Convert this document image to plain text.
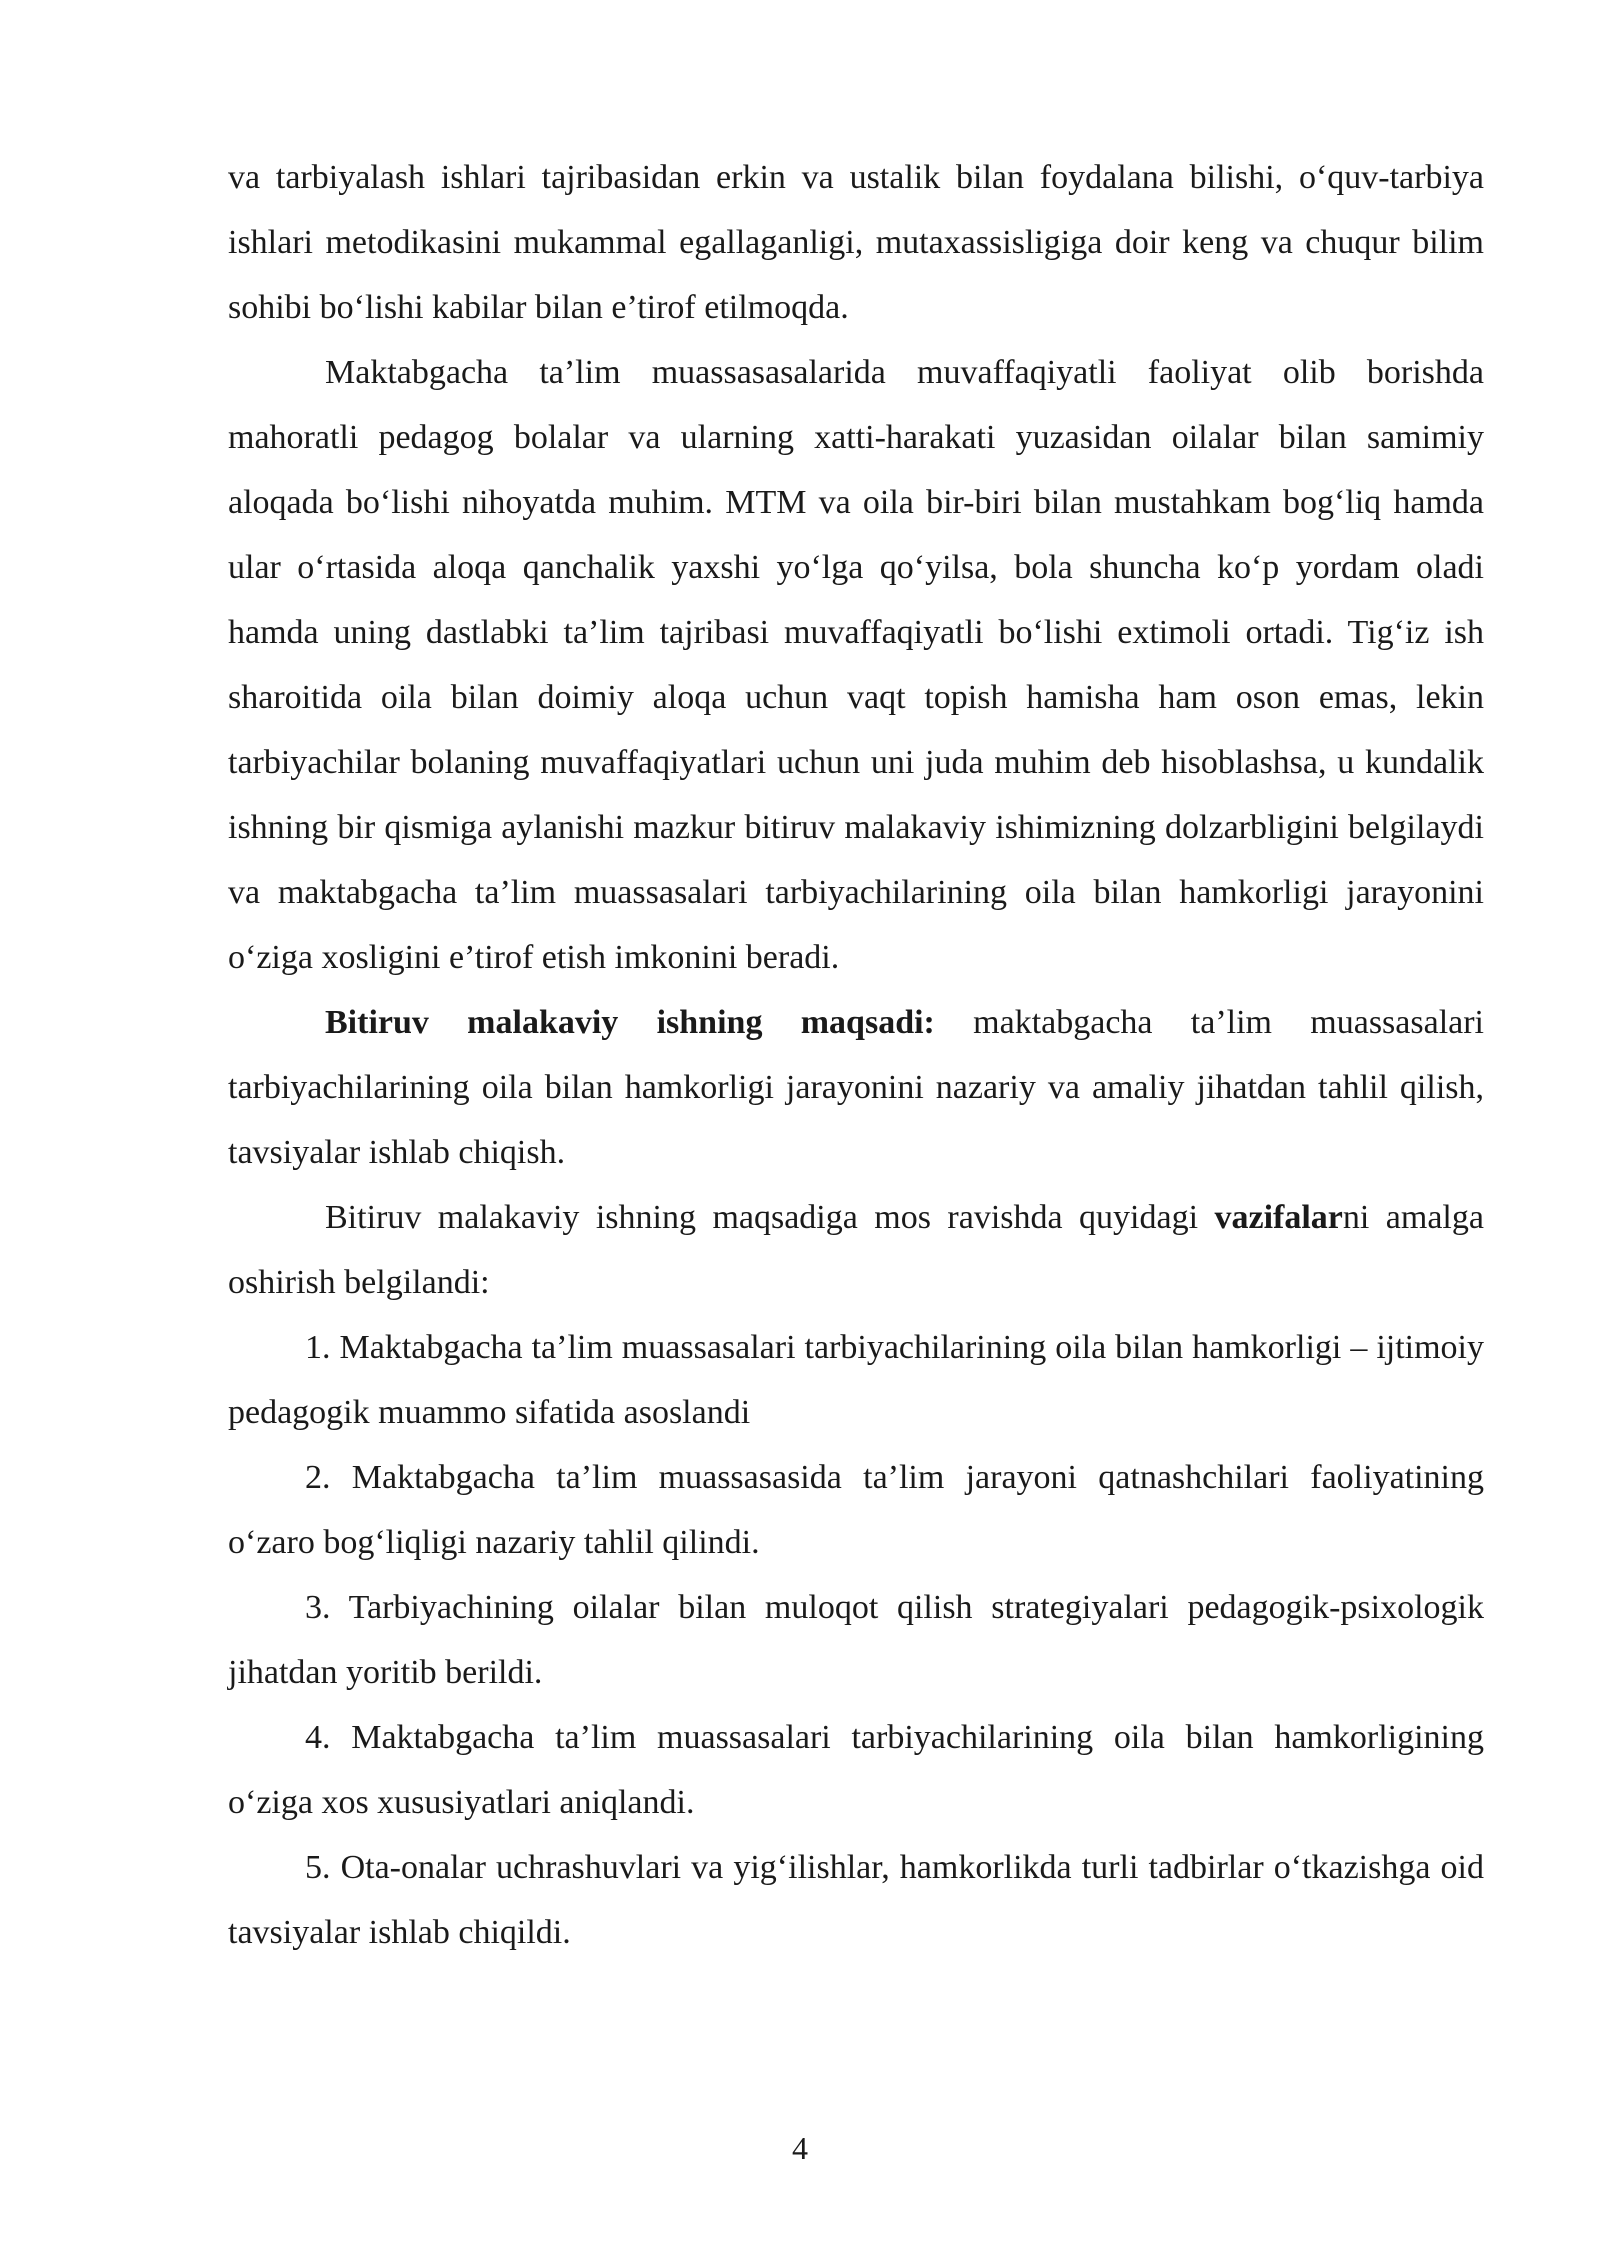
va tarbiyalash ishlari tajribasidan erkin va ustalik bilan foydalana bilishi, o‘quv-tarbiya ishlari metodikasini mukammal egallaganligi, mutaxassisligiga doir keng va chuqur bilim sohibi bo‘lishi kabilar bilan e’tirof etilmoqda.

Maktabgacha ta’lim muassasasalarida muvaffaqiyatli faoliyat olib borishda mahoratli pedagog bolalar va ularning xatti-harakati yuzasidan oilalar bilan samimiy aloqada bo‘lishi nihoyatda muhim. MTM va oila bir-biri bilan mustahkam bog‘liq hamda ular o‘rtasida aloqa qanchalik yaxshi yo‘lga qo‘yilsa, bola shuncha ko‘p yordam oladi hamda uning dastlabki ta’lim tajribasi muvaffaqiyatli bo‘lishi extimoli ortadi. Tig‘iz ish sharoitida oila bilan doimiy aloqa uchun vaqt topish hamisha ham oson emas, lekin tarbiyachilar bolaning muvaffaqiyatlari uchun uni juda muhim deb hisoblashsa, u kundalik ishning bir qismiga aylanishi mazkur bitiruv malakaviy ishimizning dolzarbligini belgilaydi va maktabgacha ta’lim muassasalari tarbiyachilarining oila bilan hamkorligi jarayonini o‘ziga xosligini e’tirof etish imkonini beradi.

Bitiruv malakaviy ishning maqsadi: maktabgacha ta’lim muassasalari tarbiyachilarining oila bilan hamkorligi jarayonini nazariy va amaliy jihatdan tahlil qilish, tavsiyalar ishlab chiqish.

Bitiruv malakaviy ishning maqsadiga mos ravishda quyidagi vazifalarni amalga oshirish belgilandi:

1. Maktabgacha ta’lim muassasalari tarbiyachilarining oila bilan hamkorligi – ijtimoiy pedagogik muammo sifatida asoslandi

2. Maktabgacha ta’lim muassasasida ta’lim jarayoni qatnashchilari faoliyatining o‘zaro bog‘liqligi nazariy tahlil qilindi.

3. Tarbiyachining oilalar bilan muloqot qilish strategiyalari pedagogik-psixologik jihatdan yoritib berildi.

4. Maktabgacha ta’lim muassasalari tarbiyachilarining oila bilan hamkorligining o‘ziga xos xususiyatlari aniqlandi.

5. Ota-onalar uchrashuvlari va yig‘ilishlar, hamkorlikda turli tadbirlar o‘tkazishga oid tavsiyalar ishlab chiqildi.

4
